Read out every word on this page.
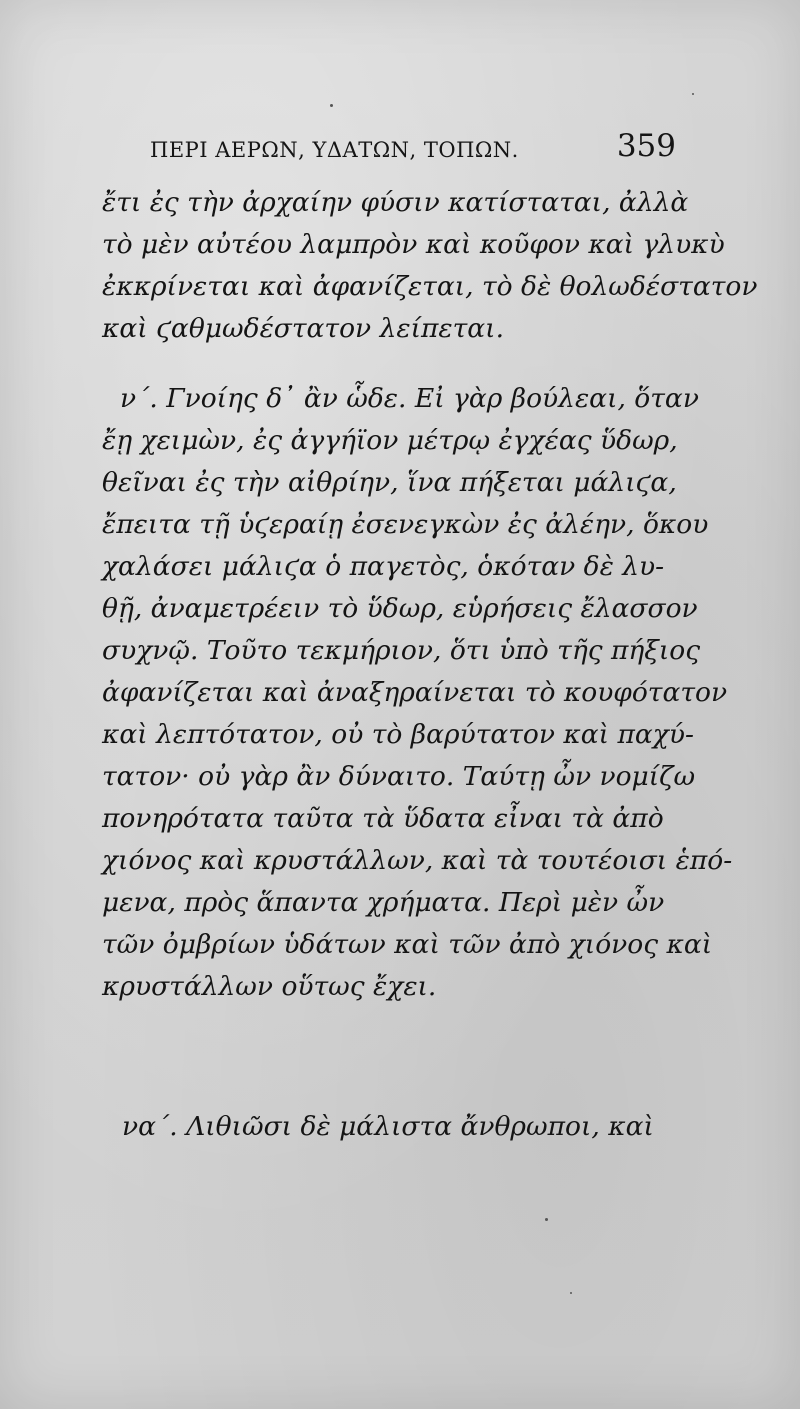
ΠΕΡΙ ΑΕΡΩΝ, ΥΔΑΤΩΝ, ΤΟΠΩΝ.	359
ἔτι ἐς τὴν ἀρχαίην φύσιν κατίσταται, ἀλλὰ
τὸ μὲν αὐτέου λαμπρὸν καὶ κοῦφον καὶ γλυκὺ
ἐκκρίνεται καὶ ἀφανίζεται, τὸ δὲ θολωδέστατον
καὶ ϛαθμωδέστατον λείπεται.
ν΄. Γνοίης δ᾽ ἂν ὧδε. Εἰ γὰρ βούλεαι, ὅταν
ἔῃ χειμὼν, ἐς ἀγγήϊον μέτρῳ ἐγχέας ὕδωρ,
θεῖναι ἐς τὴν αἰθρίην, ἵνα πήξεται μάλιϛα,
ἔπειτα τῇ ὑϛεραίῃ ἐσενεγκὼν ἐς ἀλέην, ὅκου
χαλάσει μάλιϛα ὁ παγετὸς, ὁκόταν δὲ λυ-
θῇ, ἀναμετρέειν τὸ ὕδωρ, εὑρήσεις ἔλασσον
συχνῷ. Τοῦτο τεκμήριον, ὅτι ὑπὸ τῆς πήξιος
ἀφανίζεται καὶ ἀναξηραίνεται τὸ κουφότατον
καὶ λεπτότατον, οὐ τὸ βαρύτατον καὶ παχύ-
τατον· οὐ γὰρ ἂν δύναιτο. Ταύτῃ ὦν νομίζω
πονηρότατα ταῦτα τὰ ὕδατα εἶναι τὰ ἀπὸ
χιόνος καὶ κρυστάλλων, καὶ τὰ τουτέοισι ἑπό-
μενα, πρὸς ἅπαντα χρήματα. Περὶ μὲν ὦν
τῶν ὀμβρίων ὑδάτων καὶ τῶν ἀπὸ χιόνος καὶ
κρυστάλλων οὕτως ἔχει.
να΄. Λιθιῶσι δὲ μάλιστα ἄνθρωποι, καὶ
